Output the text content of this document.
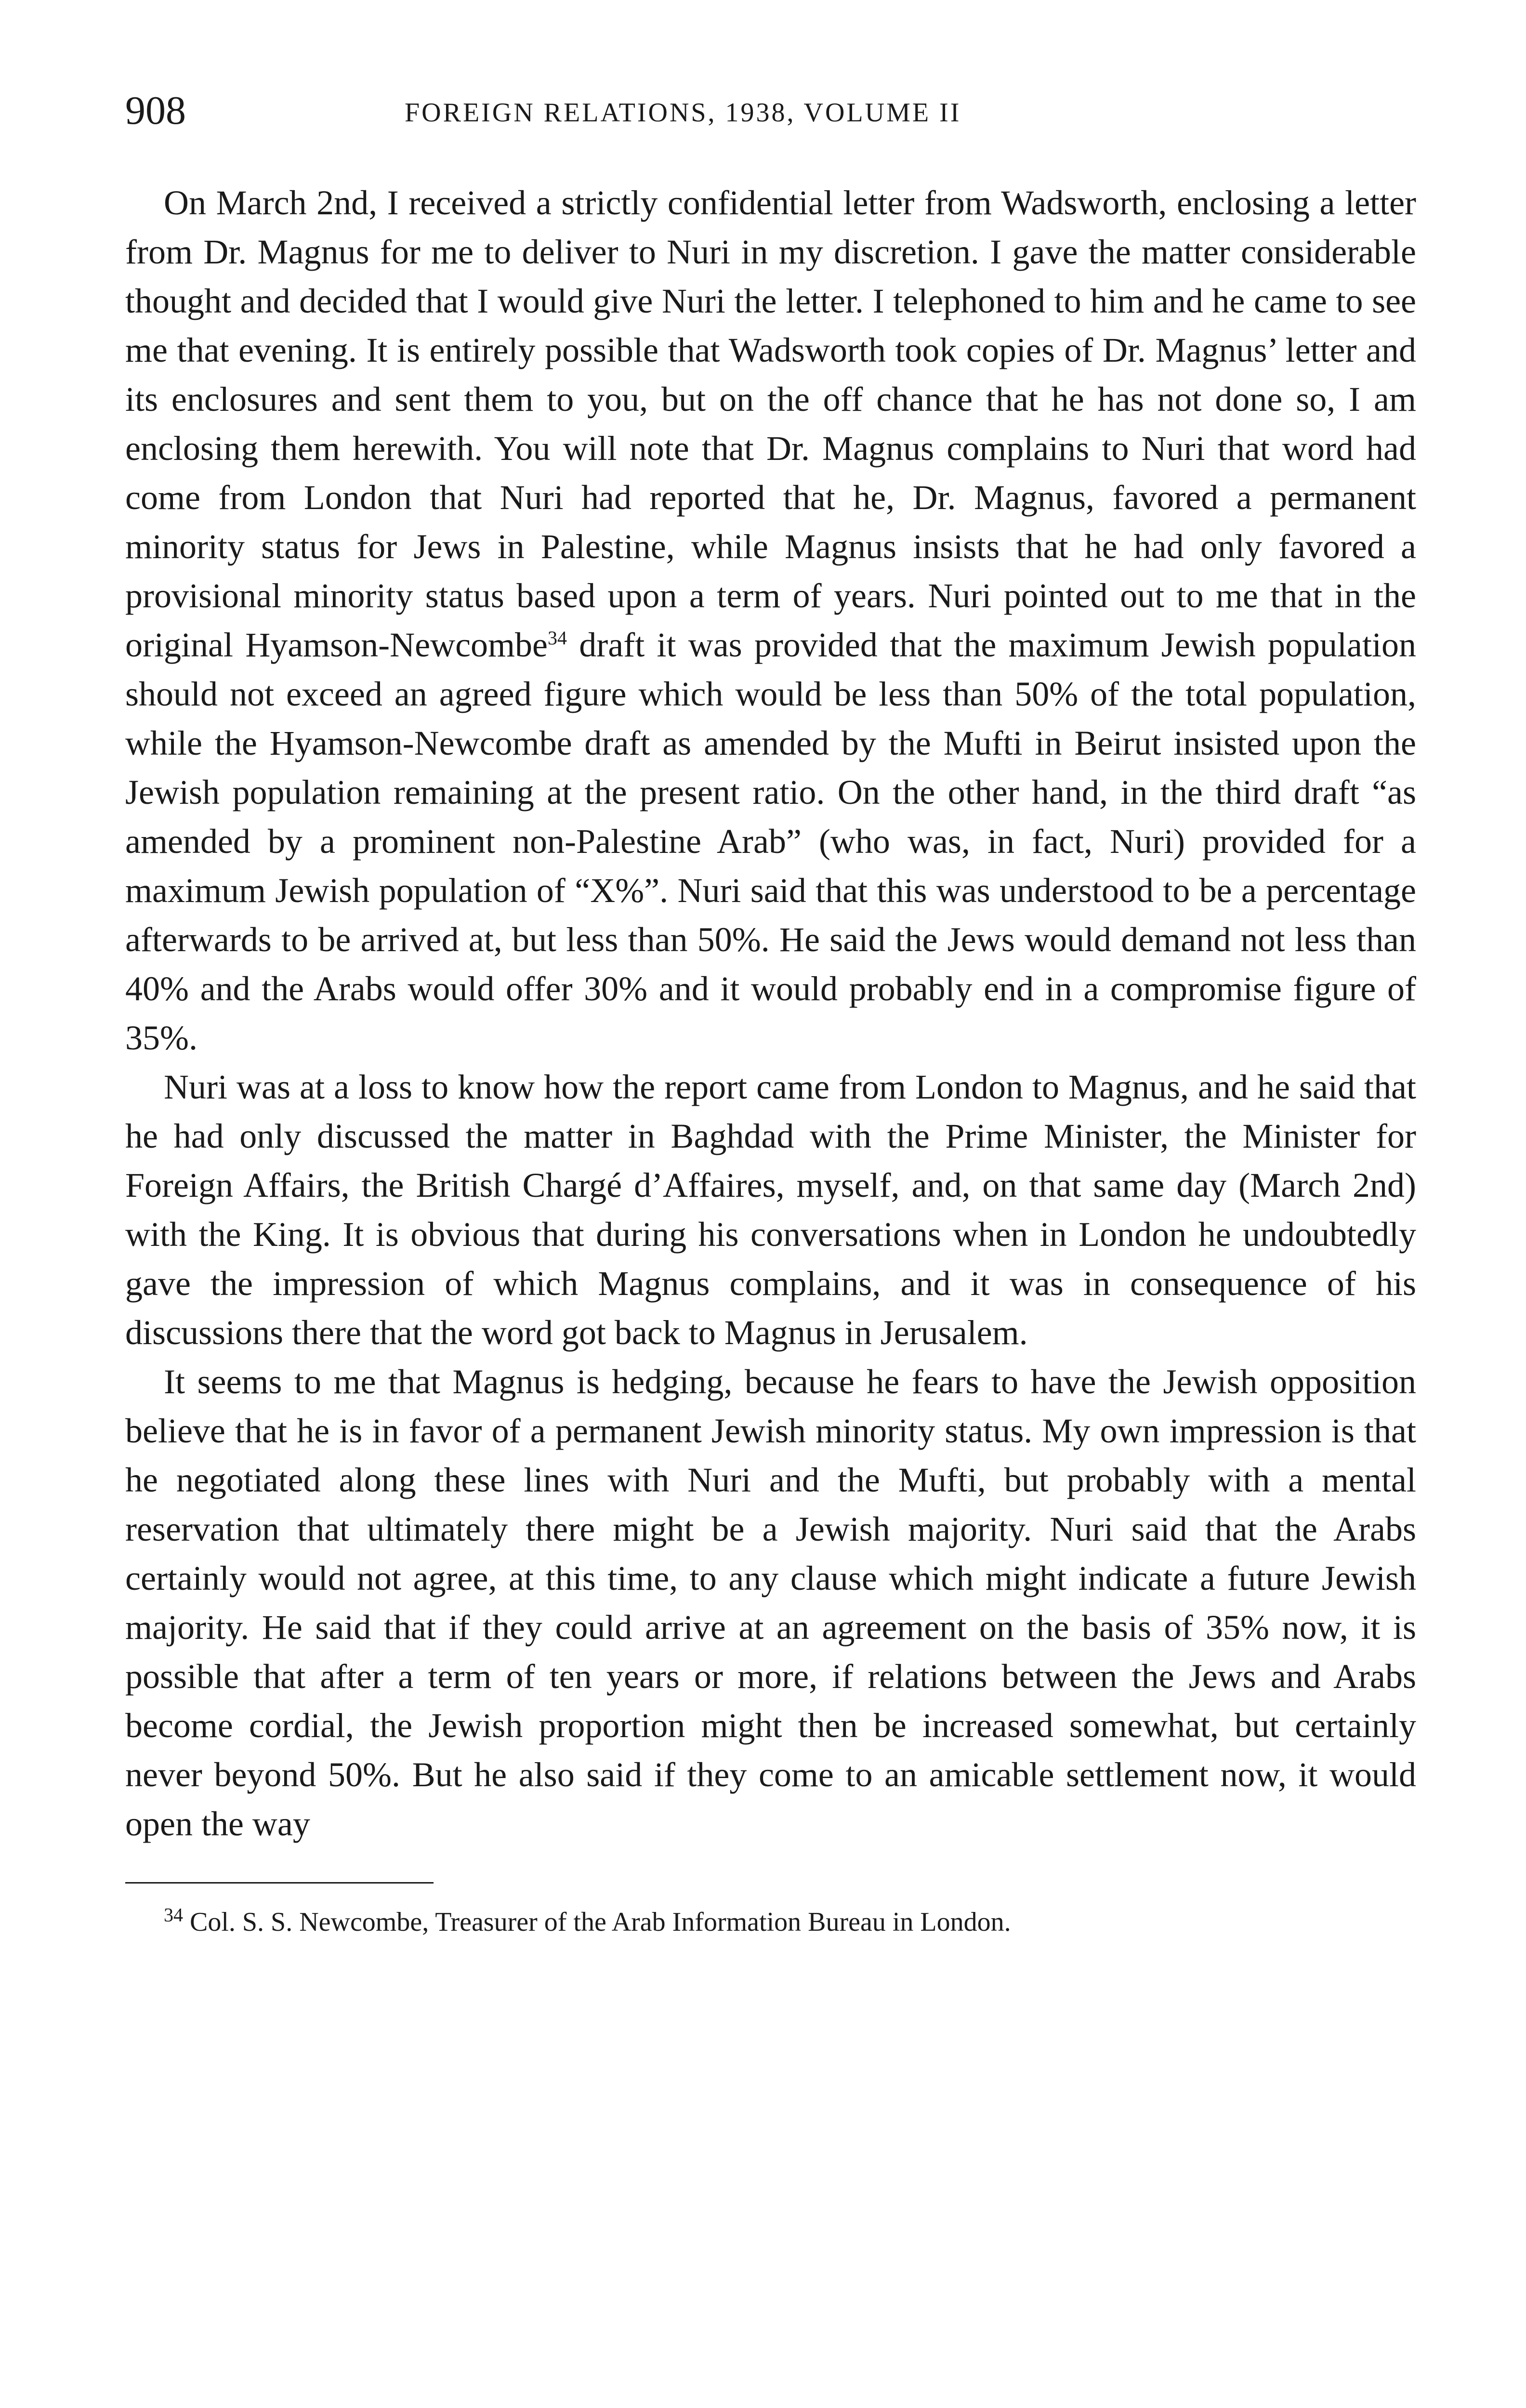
908	FOREIGN RELATIONS, 1938, VOLUME II

On March 2nd, I received a strictly confidential letter from Wadsworth, enclosing a letter from Dr. Magnus for me to deliver to Nuri in my discretion. I gave the matter considerable thought and decided that I would give Nuri the letter. I telephoned to him and he came to see me that evening. It is entirely possible that Wadsworth took copies of Dr. Magnus’ letter and its enclosures and sent them to you, but on the off chance that he has not done so, I am enclosing them herewith. You will note that Dr. Magnus complains to Nuri that word had come from London that Nuri had reported that he, Dr. Magnus, favored a permanent minority status for Jews in Palestine, while Magnus insists that he had only favored a provisional minority status based upon a term of years. Nuri pointed out to me that in the original Hyamson-Newcombe$^{34}$ draft it was provided that the maximum Jewish population should not exceed an agreed figure which would be less than 50% of the total population, while the Hyamson-Newcombe draft as amended by the Mufti in Beirut insisted upon the Jewish population remaining at the present ratio. On the other hand, in the third draft “as amended by a prominent non-Palestine Arab” (who was, in fact, Nuri) provided for a maximum Jewish population of “X%”. Nuri said that this was understood to be a percentage afterwards to be arrived at, but less than 50%. He said the Jews would demand not less than 40% and the Arabs would offer 30% and it would probably end in a compromise figure of 35%.

Nuri was at a loss to know how the report came from London to Magnus, and he said that he had only discussed the matter in Baghdad with the Prime Minister, the Minister for Foreign Affairs, the British Chargé d’Affaires, myself, and, on that same day (March 2nd) with the King. It is obvious that during his conversations when in London he undoubtedly gave the impression of which Magnus complains, and it was in consequence of his discussions there that the word got back to Magnus in Jerusalem.

It seems to me that Magnus is hedging, because he fears to have the Jewish opposition believe that he is in favor of a permanent Jewish minority status. My own impression is that he negotiated along these lines with Nuri and the Mufti, but probably with a mental reservation that ultimately there might be a Jewish majority. Nuri said that the Arabs certainly would not agree, at this time, to any clause which might indicate a future Jewish majority. He said that if they could arrive at an agreement on the basis of 35% now, it is possible that after a term of ten years or more, if relations between the Jews and Arabs become cordial, the Jewish proportion might then be increased somewhat, but certainly never beyond 50%. But he also said if they come to an amicable settlement now, it would open the way

$^{34}$ Col. S. S. Newcombe, Treasurer of the Arab Information Bureau in London.
